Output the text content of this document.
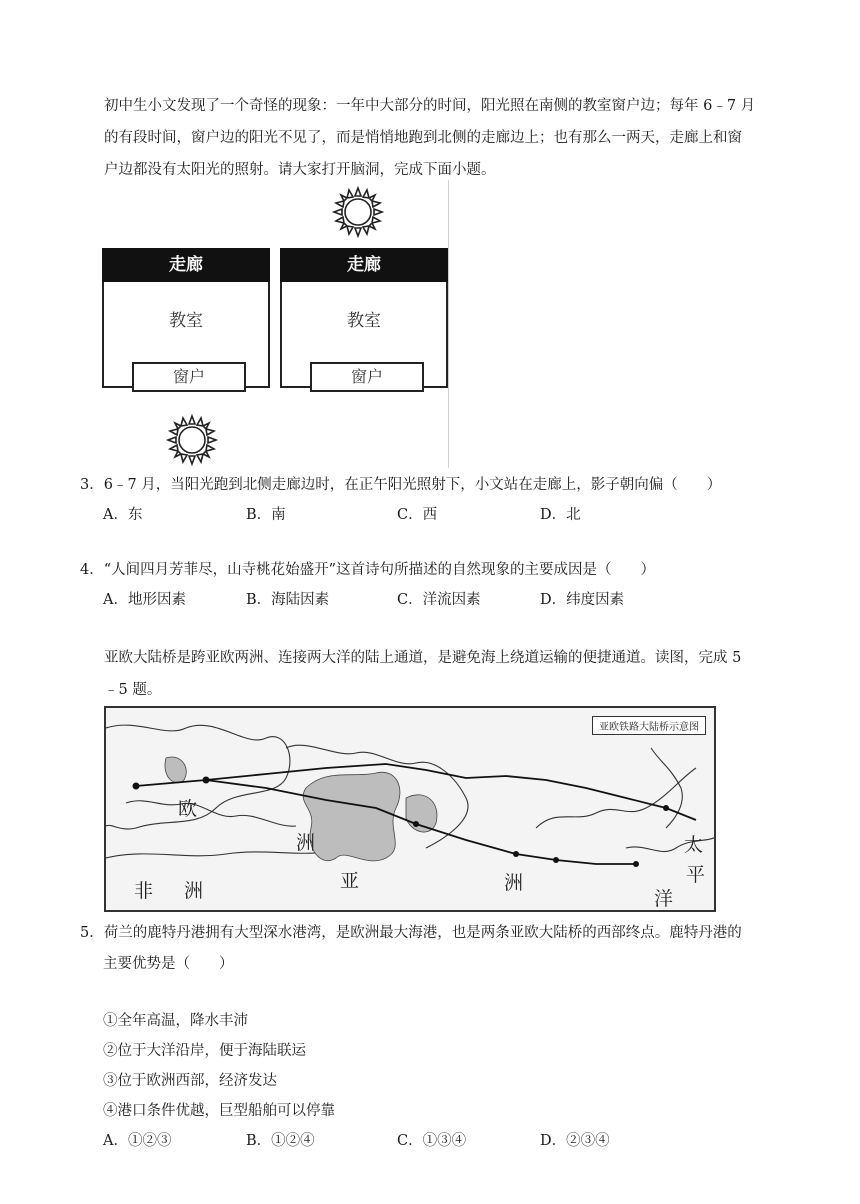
初中生小文发现了一个奇怪的现象：一年中大部分的时间，阳光照在南侧的教室窗户边；每年 6﹣7 月
的有段时间，窗户边的阳光不见了，而是悄悄地跑到北侧的走廊边上；也有那么一两天，走廊上和窗
户边都没有太阳光的照射。请大家打开脑洞，完成下面小题。
走廊
教室
窗户
走廊
教室
窗户
3．6﹣7 月，当阳光跑到北侧走廊边时，在正午阳光照射下，小文站在走廊上，影子朝向偏（　　）
A．东	B．南	C．西	D．北
4．“人间四月芳菲尽，山寺桃花始盛开”这首诗句所描述的自然现象的主要成因是（　　）
A．地形因素	B．海陆因素	C．洋流因素	D．纬度因素
亚欧大陆桥是跨亚欧两洲、连接两大洋的陆上通道，是避免海上绕道运输的便捷通道。读图，完成 5
﹣5 题。
亚欧铁路大陆桥示意图
欧
洲
非 洲	亚	洲
太
平
洋
5．荷兰的鹿特丹港拥有大型深水港湾，是欧洲最大海港，也是两条亚欧大陆桥的西部终点。鹿特丹港的
主要优势是（　　）
①全年高温，降水丰沛
②位于大洋沿岸，便于海陆联运
③位于欧洲西部，经济发达
④港口条件优越，巨型船舶可以停靠
A．①②③	B．①②④	C．①③④	D．②③④
